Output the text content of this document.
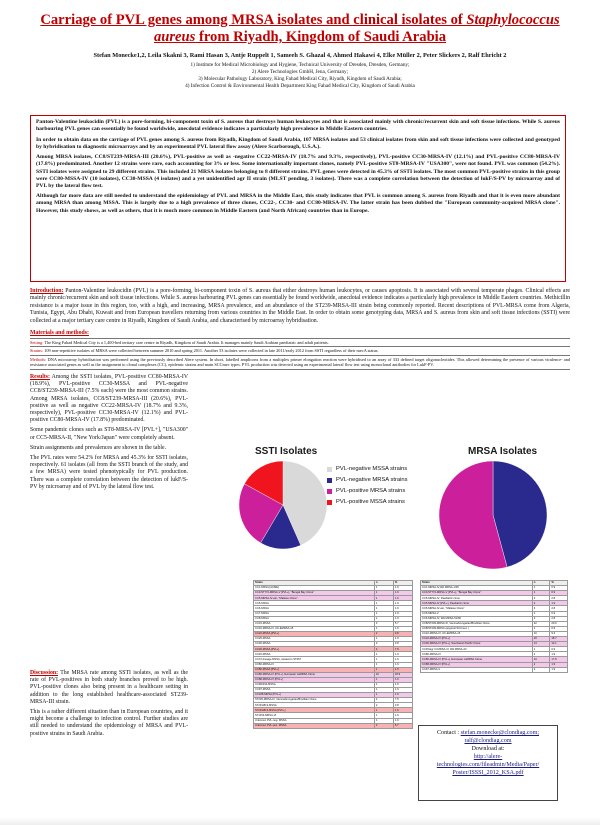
Carriage of PVL genes among MRSA isolates and clinical isolates of Staphylococcus aureus from Riyadh, Kingdom of Saudi Arabia
Stefan Monecke1,2, Leila Skakni 3, Rami Hasan 3, Antje Ruppelt 1, Sameeh S. Ghazal 4, Ahmed Hakawi 4, Elke Müller 2, Peter Slickers 2, Ralf Ehricht 2
1) Institute for Medical Microbiology and Hygiene, Technical University of Dresden, Dresden, Germany;
2) Alere Technologies GmbH, Jena, Germany;
3) Molecular Pathology Laboratory, King Fahad Medical City, Riyadh, Kingdom of Saudi Arabia;
4) Infection Control & Environmental Health Department King Fahad Medical City, Kingdom of Saudi Arabia

Panton-Valentine leukocidin (PVL) is a pore-forming, bi-component toxin of S. aureus that destroys human leukocytes and that is associated mainly with chronic/recurrent skin and soft tissue infections. While S. aureus harbouring PVL genes can essentially be found worldwide, anecdotal evidence indicates a particularly high prevalence in Middle Eastern countries.

In order to obtain data on the carriage of PVL genes among S. aureus from Riyadh, Kingdom of Saudi Arabia, 107 MRSA isolates and 53 clinical isolates from skin and soft tissue infections were collected and genotyped by hybridisation to diagnostic microarrays and by an experimental PVL lateral flow assay (Alere Scarborough, U.S.A.).

Among MRSA isolates, CC8/ST239-MRSA-III (20.6%), PVL-positive as well as -negative CC22-MRSA-IV (18.7% and 9.3%, respectively), PVL-positive CC30-MRSA-IV (12.1%) and PVL-positive CC80-MRSA-IV (17.8%) predominated. Another 12 strains were rare, each accounting for 3% or less. Some internationally important clones, namely PVL-positive ST8-MRSA-IV "USA300", were not found. PVL was common (54.2%). SSTI isolates were assigned to 29 different strains. This included 21 MRSA isolates belonging to 8 different strains. PVL genes were detected in 45.3% of SSTI isolates. The most common PVL-positive strains in this group were CC80-MSSA-IV (10 isolates), CC30-MSSA (4 isolates) and a yet unidentified agr II strain (MLST pending, 3 isolates). There was a complete correlation between the detection of lukF/S-PV by microarray and of PVL by the lateral flow test.

Although far more data are still needed to understand the epidemiology of PVL and MRSA in the Middle East, this study indicates that PVL is common among S. aureus from Riyadh and that it is even more abundant among MRSA than among MSSA. This is largely due to a high prevalence of three clones, CC22-, CC30- and CC80-MRSA-IV. The latter strain has been dubbed the "European community-acquired MRSA clone". However, this study shows, as well as others, that it is much more common in Middle Eastern (and North African) countries than in Europe.

Introduction: Panton-Valentine leukocidin (PVL) is a pore-forming, bi-component toxin of S. aureus that either destroys human leukocytes, or causes apoptosis. It is associated with several temperate phages. Clinical effects are mainly chronic/recurrent skin and soft tissue infections. While S. aureus harbouring PVL genes can essentially be found worldwide, anecdotal evidence indicates a particularly high prevalence in Middle Eastern countries. Methicillin resistance is a major issue in this region, too, with a high, and increasing, MRSA prevalence, and an abundance of the ST239-MRSA-III strain being commonly reported. Recent descriptions of PVL-MRSA come from Algeria, Tunisia, Egypt, Abu Dhabi, Kuwait and from European travellers returning from various countries in the Middle East. In order to obtain some genotyping data, MRSA and S. aureus from skin and soft tissue infections (SSTI) were collected at a major tertiary care centre in Riyadh, Kingdom of Saudi Arabia, and characterised by microarray hybridisation.
Materials and methods:
Setting: The King Fahad Medical City is a 1,400-bed tertiary care centre in Riyadh, Kingdom of Saudi Arabia. It manages mainly Saudi Arabian paediatric and adult patients.
Strains: 109 non-repetitive isolates of MRSA were collected between summer 2010 and spring 2011. Another 53 isolates were collected in late 2011/early 2012 from SSTI regardless of their mecA status.
Methods: DNA microarray hybridisation was performed using the previously described Alere system. In short, labelled amplicons from a multiplex primer elongation reaction were hybridised to an array of 333 defined target oligonucleotides. This allowed determining the presence of various virulence- and resistance associated genes as well as the assignment to clonal complexes (CC), epidemic strains and main SCCmec types. PVL production was detected using an experimental lateral flow test using monoclonal antibodies for LukF-PV.

Results: Among the SSTI isolates, PVL-positive CC80-MRSA-IV (18.9%), PVL-positive CC30-MSSA and PVL-negative CC8/ST239-MRSA-III (7.5% each) were the most common strains. Among MRSA isolates, CC8/ST239-MRSA-III (20.6%), PVL-positive as well as negative CC22-MRSA-IV (18.7% and 9.3%, respectively), PVL-positive CC30-MRSA-IV (12.1%) and PVL-positive CC80-MRSA-IV (17.8%) predominated.

Some pandemic clones such as ST8-MRSA-IV [PVL+], "USA300" or CC5-MRSA-II, "New York/Japan" were completely absent.

Strain assignments and prevalences are shown in the table.

The PVL rates were 54.2% for MRSA and 45.3% for SSTI isolates, respectively. 61 isolates (all from the SSTI branch of the study, and a few MRSA) were tested phenotypically for PVL production. There was a complete correlation between the detection of lukF/S-PV by microarray and of PVL by the lateral flow test.

Discussion: The MRSA rate among SSTI isolates, as well as the rate of PVL-positives in both study branches proved to be high. PVL-positive clones also being present in a healthcare setting in addition to the long established healthcare-associated ST239-MRSA-III strain.

This is a rather different situation than in European countries, and it might become a challenge to infection control. Further studies are still needed to understand the epidemiology of MRSA and PVL-positive strains in Saudi Arabia.

SSTI Isolates	MRSA Isolates
PVL-negative MSSA strains
PVL-negative MRSA strains
PVL-positive MRSA strains
PVL-positive MSSA strains
Strain	n	%
CC1-MSSA [ACME]	1	1.9
CC1/ST772-MRSA-V [PVL+], "Bengal Bay Clone"	1	1.9
CC5-MRSA-IV+ter, "Maltese Clone"	1	1.9
CC5-MSSA	1	1.9
CC6-MSSA	1	1.9
CC7-MSSA	1	1.9
CC8-MSSA	1	1.9
CC15-MSSA	3	5.7
CC22-MRSA-IV, UK-EMRSA-15	1	1.9
CC22-MSSA [PVL+]	2	3.8
CC25-MSSA	1	1.9
CC30-MSSA	2	3.8
CC30-MSSA [PVL+]	4	7.5
CC45-MSSA	1	1.9
CC72-lineage MSSA, related to ST667	1	1.9
CC80-MRSA-IV	1	1.9
CC80-MSSA [PVL+]	1	1.9
CC80-MRSA-IV [PVL+], European caMRSA Clone	10	18.9
CC88-MRSA-IV [PVL+]	1	1.9
CC96/234-MSSA	1	1.9
CC97-MSSA	1	1.9
CC188-MRSA [PVL+]	1	1.9
ST239-MRSA-III, Vienna/Hungarian/Brazilian Clone	4	7.5
ST291/813-MSSA	2	3.8
ST291/813-MSSA [PVL+]	1	1.9
ST1153-MRSA-VI	1	1.9
Unknown PVL-neg. MSSA	1	1.9
Unknown PVL-pos. MSSA	3	5.7
Strain	n	%
CC1-MRSA-IV,WA MRSA-1/45	1	0.9
CC1/ST772-MRSA-V [PVL+], "Bengal Bay Clone"	1	0.9
CC5-MRSA-IV, Paediatric clone	3	2.8
CC5-MRSA-IV [PVL+], Paediatric clone	2	1.9
CC5-MRSA-IV+ter, "Maltese Clone"	3	2.8
CC5-MRSA-V	1	0.9
CC6-MRSA-IV, WA MRSA-51/66	3	2.8
CC8/ST239-MRSA-III, Vienna/Hungarian/Brazilian Clone	22	20.6
CC8/ST239-MRSA-(atypical SCCmec )	1	0.9
CC22-MRSA-IV, UK-EMRSA-15	10	9.3
CC22-MRSA-IV [PVL+]	20	18.7
CC30-MRSA-IV [PVL+], Southwest Pacific Clone	13	12.1
CC45/agr IV-MRSA-IV, WA MRSA-23	1	0.9
CC80-MRSA-IV	2	1.9
CC80-MRSA-IV [PVL+], European caMRSA Clone	19	17.8
CC88-MRSA-IV [PVL+]	2	1.9
CC97-MRSA-V	2	1.9
Contact : stefan.monecke@clondiag.com;
ralf@clondiag.com
Download at:
http://alere-technologies.com/fileadmin/Media/Paper/
Poster/ISSSI_2012_KSA.pdf
